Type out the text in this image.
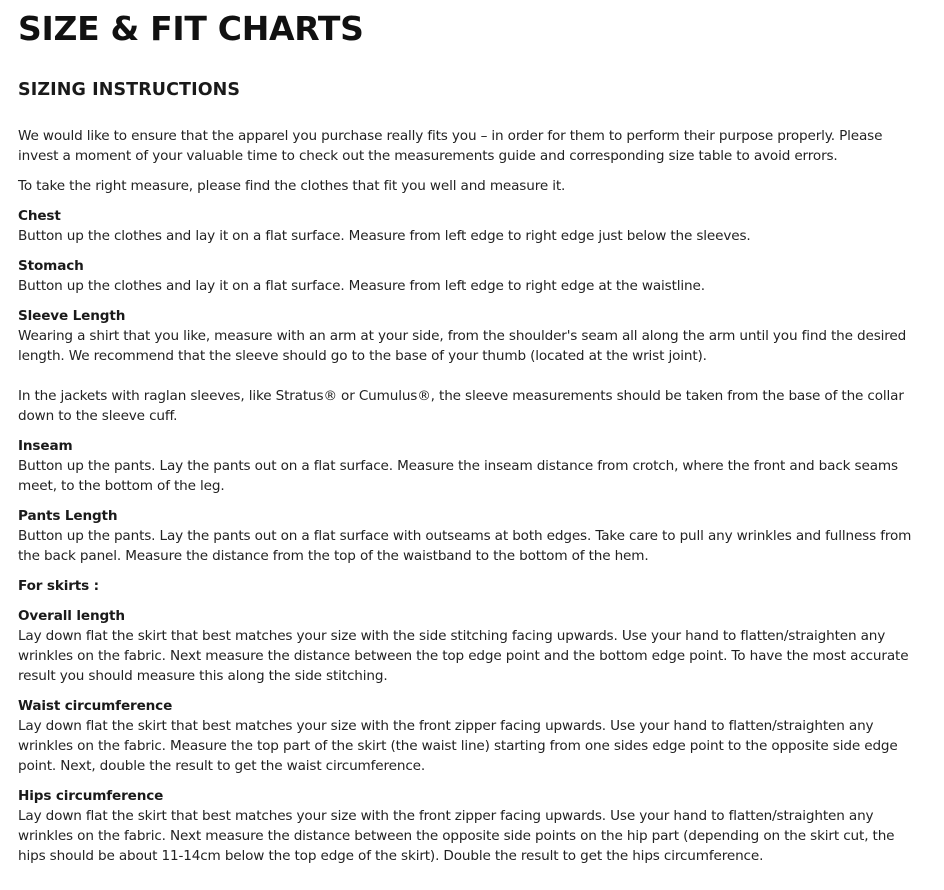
SIZE & FIT CHARTS
SIZING INSTRUCTIONS

We would like to ensure that the apparel you purchase really fits you – in order for them to perform their purpose properly. Please invest a moment of your valuable time to check out the measurements guide and corresponding size table to avoid errors.

To take the right measure, please find the clothes that fit you well and measure it.

Chest
Button up the clothes and lay it on a flat surface. Measure from left edge to right edge just below the sleeves.
Stomach
Button up the clothes and lay it on a flat surface. Measure from left edge to right edge at the waistline.
Sleeve Length
Wearing a shirt that you like, measure with an arm at your side, from the shoulder's seam all along the arm until you find the desired length. We recommend that the sleeve should go to the base of your thumb (located at the wrist joint).
In the jackets with raglan sleeves, like Stratus® or Cumulus®, the sleeve measurements should be taken from the base of the collar down to the sleeve cuff.
Inseam
Button up the pants. Lay the pants out on a flat surface. Measure the inseam distance from crotch, where the front and back seams meet, to the bottom of the leg.
Pants Length
Button up the pants. Lay the pants out on a flat surface with outseams at both edges. Take care to pull any wrinkles and fullness from the back panel. Measure the distance from the top of the waistband to the bottom of the hem.
For skirts :
Overall length
Lay down flat the skirt that best matches your size with the side stitching facing upwards. Use your hand to flatten/straighten any wrinkles on the fabric. Next measure the distance between the top edge point and the bottom edge point. To have the most accurate result you should measure this along the side stitching.
Waist circumference
Lay down flat the skirt that best matches your size with the front zipper facing upwards. Use your hand to flatten/straighten any wrinkles on the fabric. Measure the top part of the skirt (the waist line) starting from one sides edge point to the opposite side edge point. Next, double the result to get the waist circumference.
Hips circumference
Lay down flat the skirt that best matches your size with the front zipper facing upwards. Use your hand to flatten/straighten any wrinkles on the fabric. Next measure the distance between the opposite side points on the hip part (depending on the skirt cut, the hips should be about 11-14cm below the top edge of the skirt). Double the result to get the hips circumference.
